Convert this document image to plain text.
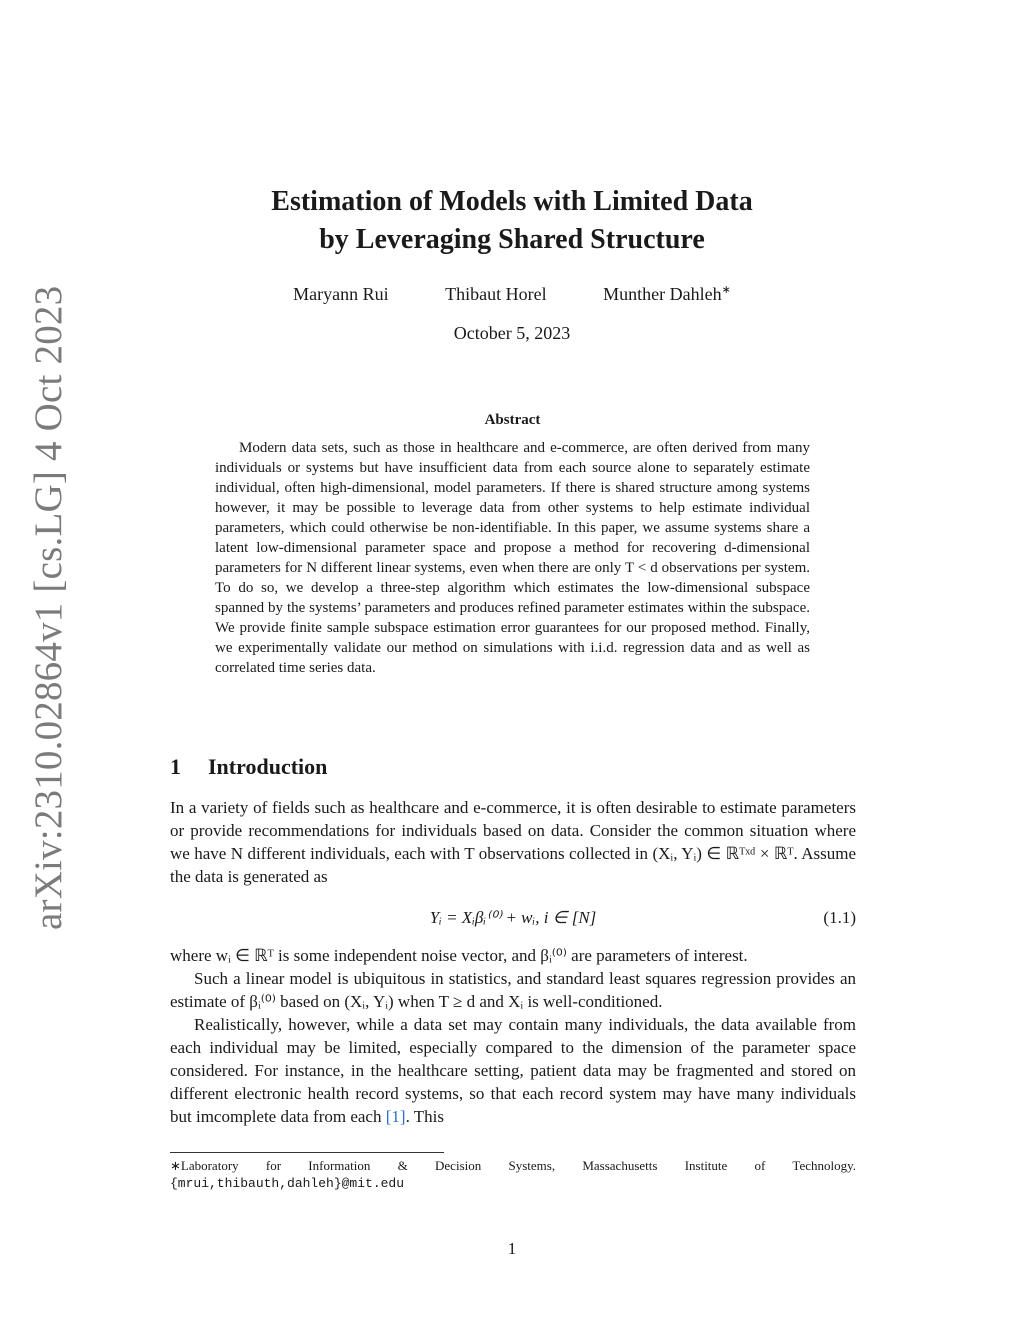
arXiv:2310.02864v1 [cs.LG] 4 Oct 2023
Estimation of Models with Limited Data
by Leveraging Shared Structure
Maryann Rui	Thibaut Horel	Munther Dahleh∗
October 5, 2023
Abstract

Modern data sets, such as those in healthcare and e-commerce, are often derived from many individuals or systems but have insufficient data from each source alone to separately estimate individual, often high-dimensional, model parameters. If there is shared structure among systems however, it may be possible to leverage data from other systems to help estimate individual parameters, which could otherwise be non-identifiable. In this paper, we assume systems share a latent low-dimensional parameter space and propose a method for recovering d-dimensional parameters for N different linear systems, even when there are only T < d observations per system. To do so, we develop a three-step algorithm which estimates the low-dimensional subspace spanned by the systems’ parameters and produces refined parameter estimates within the subspace. We provide finite sample subspace estimation error guarantees for our proposed method. Finally, we experimentally validate our method on simulations with i.i.d. regression data and as well as correlated time series data.

1 Introduction

In a variety of fields such as healthcare and e-commerce, it is often desirable to estimate parameters or provide recommendations for individuals based on data. Consider the common situation where we have N different individuals, each with T observations collected in (Xᵢ, Yᵢ) ∈ ℝᵀˣᵈ × ℝᵀ. Assume the data is generated as

Yᵢ = Xᵢβᵢ⁽⁰⁾ + wᵢ, i ∈ [N]	(1.1)

where wᵢ ∈ ℝᵀ is some independent noise vector, and βᵢ⁽⁰⁾ are parameters of interest.

Such a linear model is ubiquitous in statistics, and standard least squares regression provides an estimate of βᵢ⁽⁰⁾ based on (Xᵢ, Yᵢ) when T ≥ d and Xᵢ is well-conditioned.

Realistically, however, while a data set may contain many individuals, the data available from each individual may be limited, especially compared to the dimension of the parameter space considered. For instance, in the healthcare setting, patient data may be fragmented and stored on different electronic health record systems, so that each record system may have many individuals but imcomplete data from each [1]. This

∗Laboratory for Information & Decision Systems, Massachusetts Institute of Technology.
{mrui,thibauth,dahleh}@mit.edu
1
